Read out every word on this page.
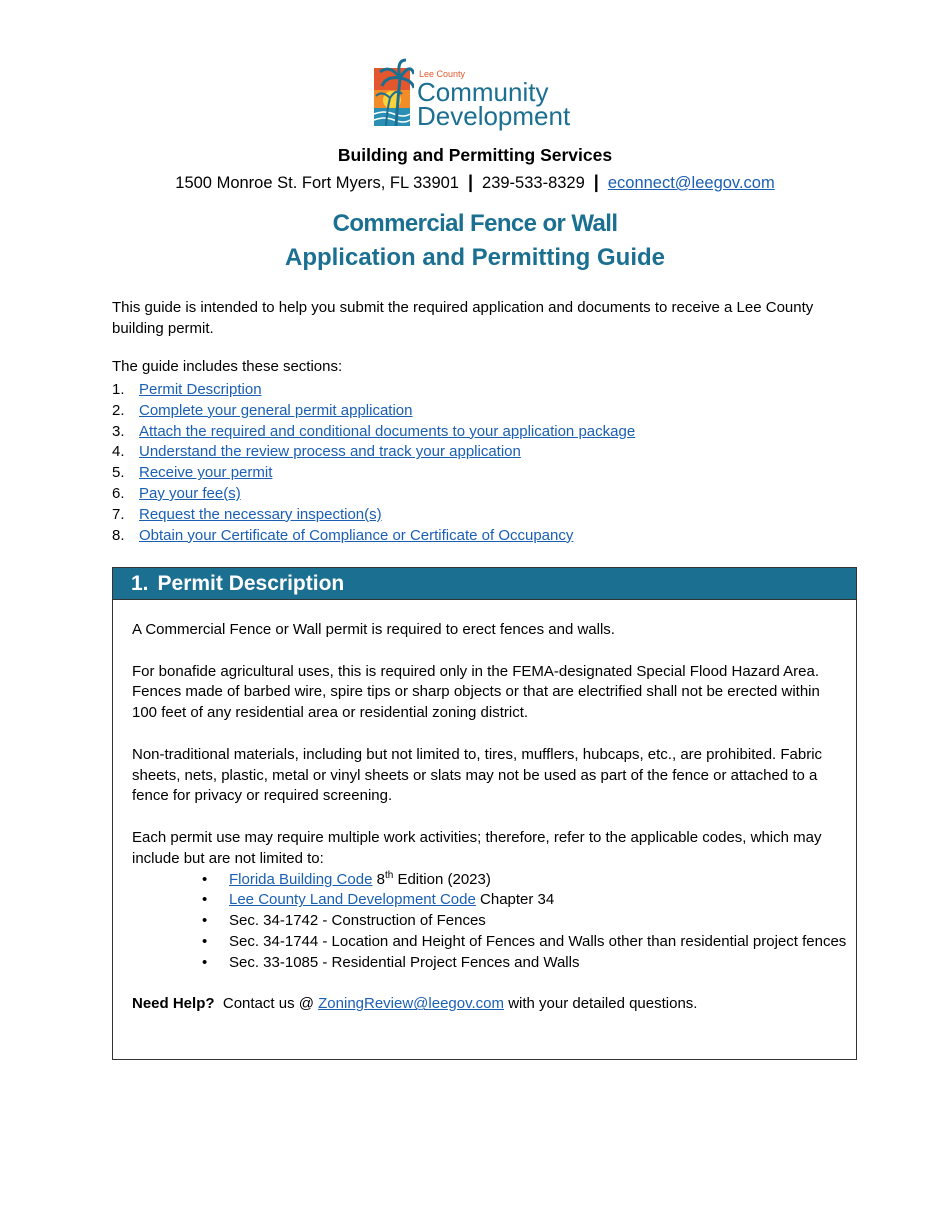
Lee County
Community
Development
Building and Permitting Services
1500 Monroe St. Fort Myers, FL 33901 | 239-533-8329 | econnect@leegov.com
Commercial Fence or Wall
Application and Permitting Guide
This guide is intended to help you submit the required application and documents to receive a Lee County building permit.
The guide includes these sections:
1. Permit Description
2. Complete your general permit application
3. Attach the required and conditional documents to your application package
4. Understand the review process and track your application
5. Receive your permit
6. Pay your fee(s)
7. Request the necessary inspection(s)
8. Obtain your Certificate of Compliance or Certificate of Occupancy
1. Permit Description

A Commercial Fence or Wall permit is required to erect fences and walls.

For bonafide agricultural uses, this is required only in the FEMA-designated Special Flood Hazard Area. Fences made of barbed wire, spire tips or sharp objects or that are electrified shall not be erected within 100 feet of any residential area or residential zoning district.

Non-traditional materials, including but not limited to, tires, mufflers, hubcaps, etc., are prohibited. Fabric sheets, nets, plastic, metal or vinyl sheets or slats may not be used as part of the fence or attached to a fence for privacy or required screening.

Each permit use may require multiple work activities; therefore, refer to the applicable codes, which may include but are not limited to:

• Florida Building Code 8th Edition (2023)
• Lee County Land Development Code Chapter 34
• Sec. 34-1742 - Construction of Fences
• Sec. 34-1744 - Location and Height of Fences and Walls other than residential project fences
• Sec. 33-1085 - Residential Project Fences and Walls

Need Help? Contact us @ ZoningReview@leegov.com with your detailed questions.
